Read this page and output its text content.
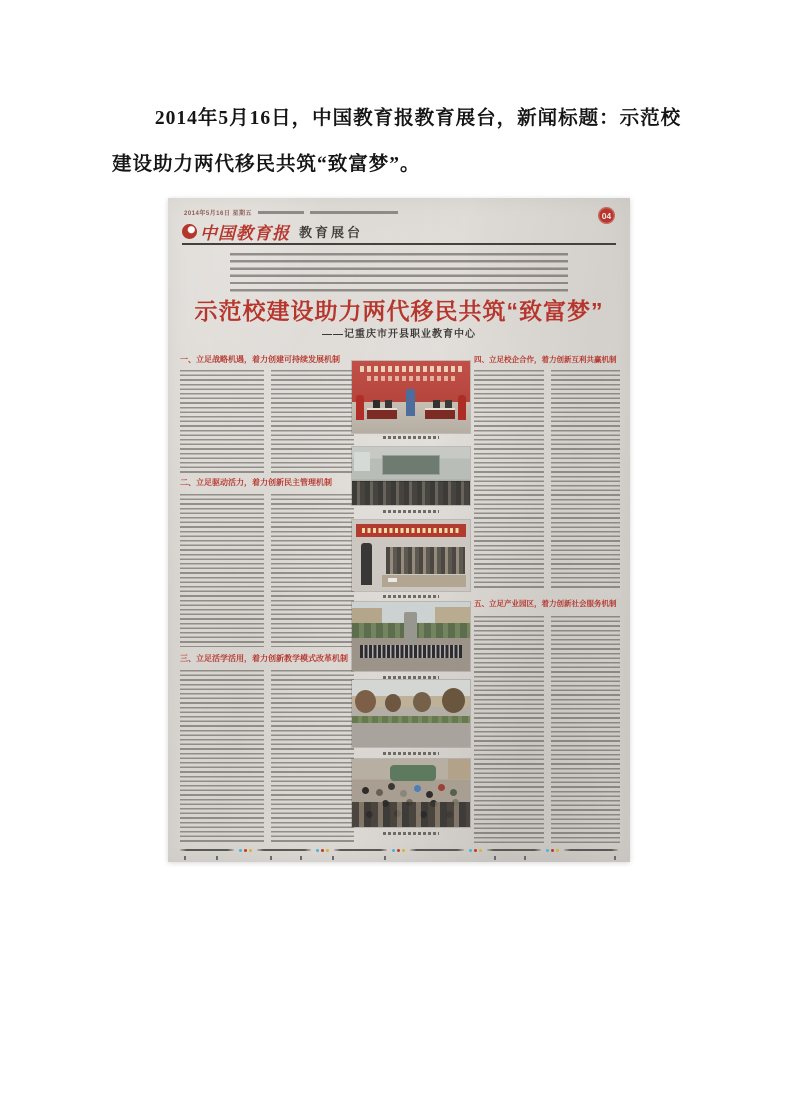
2014年5月16日，中国教育报教育展台，新闻标题：示范校建设助力两代移民共筑“致富梦”。

2014年5月16日 星期五
中国教育报 教育展台
04
示范校建设助力两代移民共筑“致富梦”
——记重庆市开县职业教育中心
一、立足战略机遇，着力创建可持续发展机制
二、立足驱动活力，着力创新民主管理机制
三、立足活学活用，着力创新教学模式改革机制
四、立足校企合作，着力创新互利共赢机制
五、立足产业园区，着力创新社会服务机制
